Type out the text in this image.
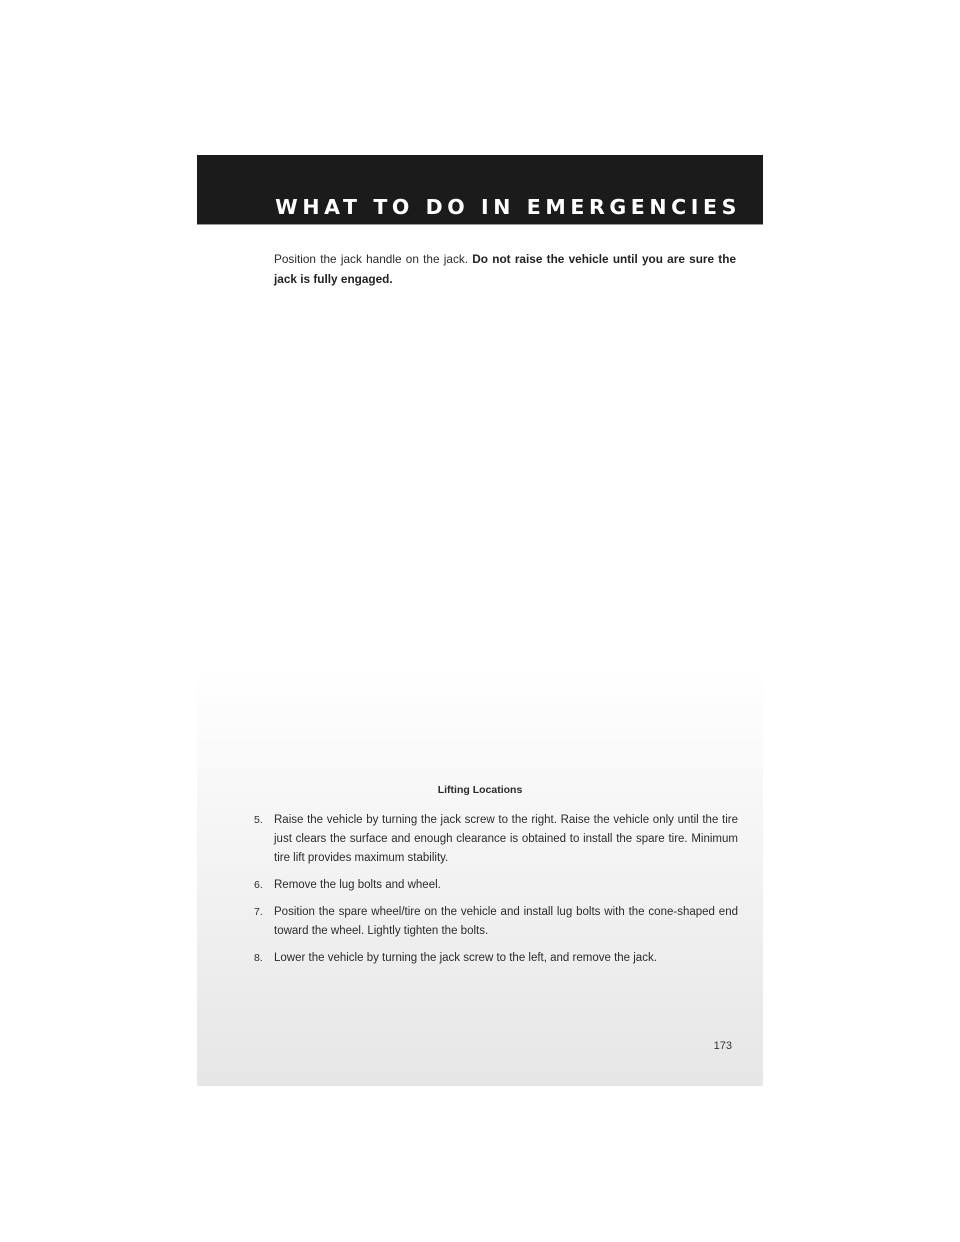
WHAT TO DO IN EMERGENCIES
Position the jack handle on the jack. Do not raise the vehicle until you are sure the jack is fully engaged.
Lifting Locations
5. Raise the vehicle by turning the jack screw to the right. Raise the vehicle only until the tire just clears the surface and enough clearance is obtained to install the spare tire. Minimum tire lift provides maximum stability.
6. Remove the lug bolts and wheel.
7. Position the spare wheel/tire on the vehicle and install lug bolts with the cone-shaped end toward the wheel. Lightly tighten the bolts.
8. Lower the vehicle by turning the jack screw to the left, and remove the jack.
173
